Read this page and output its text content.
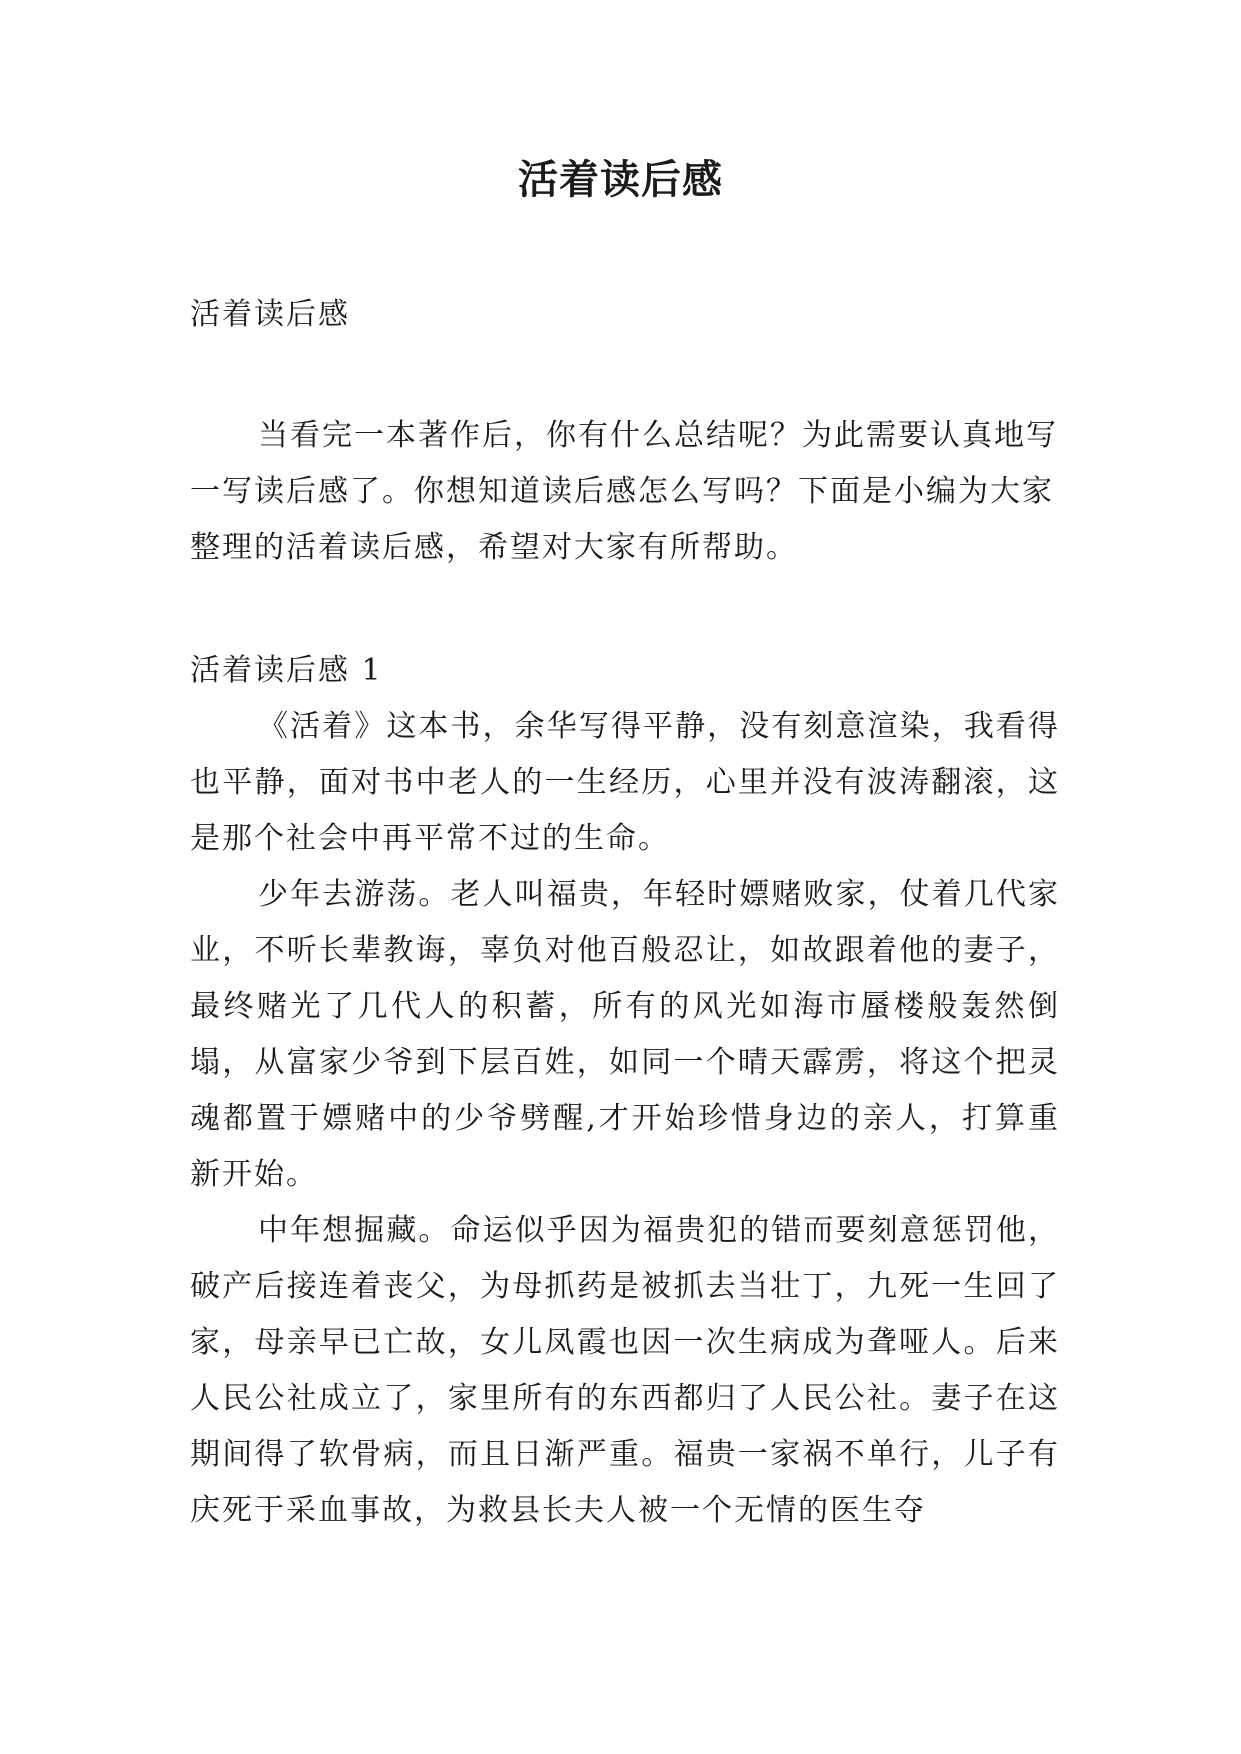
活着读后感

活着读后感

当看完一本著作后，你有什么总结呢？为此需要认真地写一写读后感了。你想知道读后感怎么写吗？下面是小编为大家整理的活着读后感，希望对大家有所帮助。

活着读后感 1

《活着》这本书，余华写得平静，没有刻意渲染，我看得也平静，面对书中老人的一生经历，心里并没有波涛翻滚，这是那个社会中再平常不过的生命。

少年去游荡。老人叫福贵，年轻时嫖赌败家，仗着几代家业，不听长辈教诲，辜负对他百般忍让，如故跟着他的妻子，最终赌光了几代人的积蓄，所有的风光如海市蜃楼般轰然倒塌，从富家少爷到下层百姓，如同一个晴天霹雳，将这个把灵魂都置于嫖赌中的少爷劈醒,才开始珍惜身边的亲人，打算重新开始。

中年想掘藏。命运似乎因为福贵犯的错而要刻意惩罚他，破产后接连着丧父，为母抓药是被抓去当壮丁，九死一生回了家，母亲早已亡故，女儿凤霞也因一次生病成为聋哑人。后来人民公社成立了，家里所有的东西都归了人民公社。妻子在这期间得了软骨病，而且日渐严重。福贵一家祸不单行，儿子有庆死于采血事故，为救县长夫人被一个无情的医生夺
